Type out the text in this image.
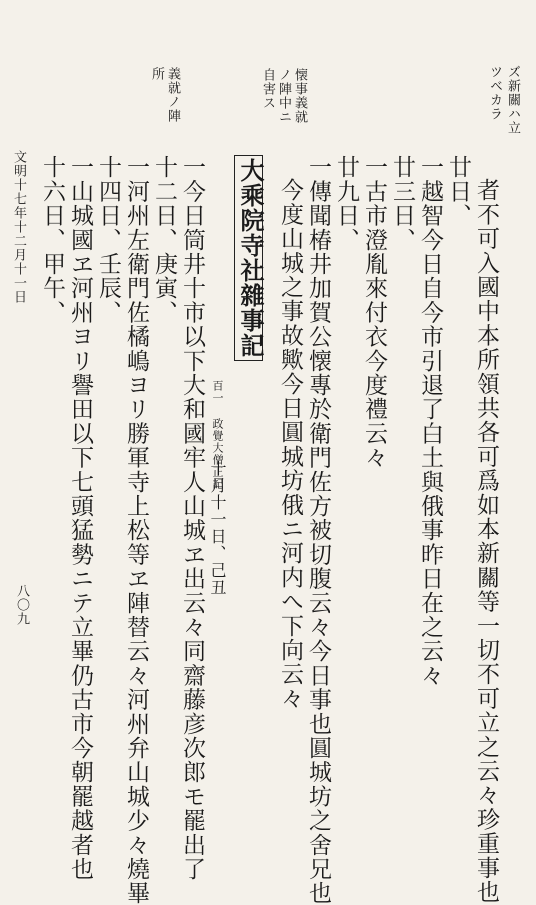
ズ新關ハ立
ツベカラ
懐事義就
ノ陣中ニ
自害ス
義就ノ陣
所
者不可入國中本所領共各可爲如本新關等一切不可立之云々珍重事也
廿日、
一越智今日自今市引退了白土與俄事昨日在之云々
廿三日、
一古市澄胤來付衣今度禮云々
廿九日、
一傳聞椿井加賀公懐專於衛門佐方被切腹云々今日事也圓城坊之舍兄也
今度山城之事故歟今日圓城坊俄ニ河内へ下向云々
大乘院寺社雜事記
百一 政覺大僧正記
十月十一日、己丑
一今日筒井十市以下大和國牢人山城ヱ出云々同齋藤彦次郎モ罷出了
十二日、庚寅、
一河州左衛門佐橘嶋ヨリ勝軍寺上松等ヱ陣替云々河州弁山城少々燒畢
十四日、壬辰、
一山城國ヱ河州ヨリ譽田以下七頭猛勢ニテ立畢仍古市今朝罷越者也
十六日、甲午、
文明十七年十二月十一日
八〇九
